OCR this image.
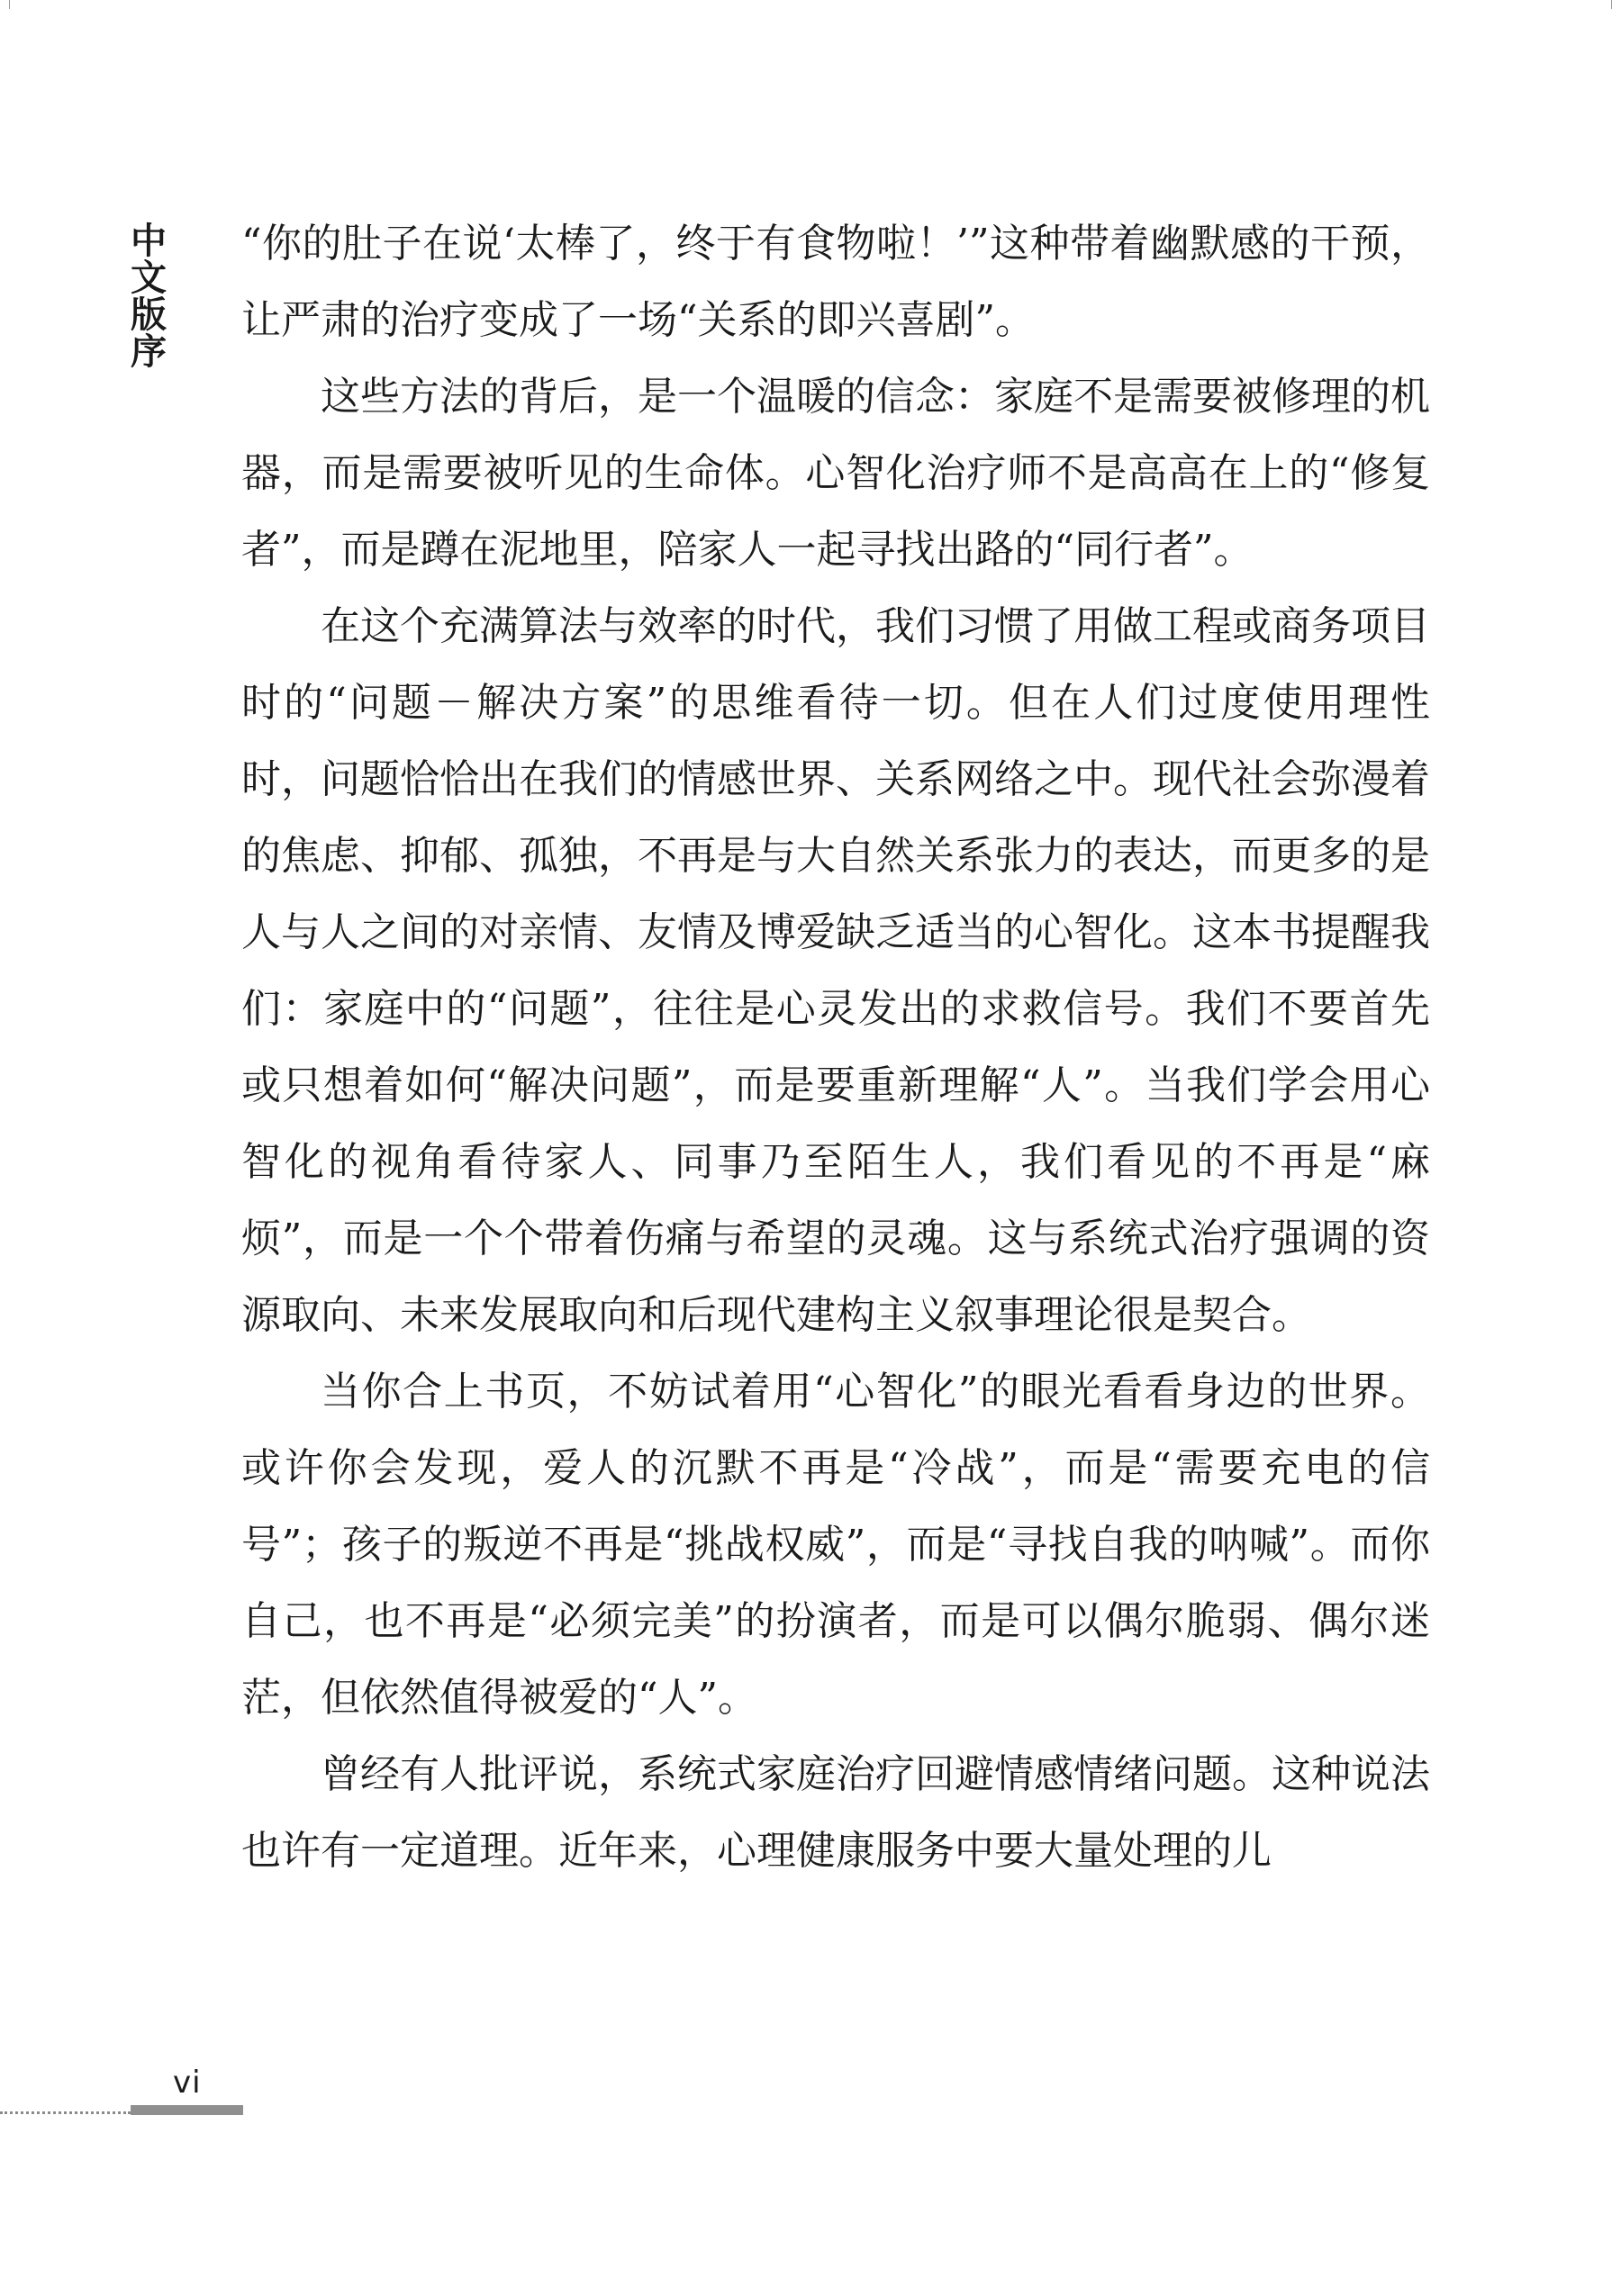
中文版序

“你的肚子在说‘太棒了，终于有食物啦！’”这种带着幽默感的干预，让严肃的治疗变成了一场“关系的即兴喜剧”。

这些方法的背后，是一个温暖的信念：家庭不是需要被修理的机器，而是需要被听见的生命体。心智化治疗师不是高高在上的“修复者”，而是蹲在泥地里，陪家人一起寻找出路的“同行者”。

在这个充满算法与效率的时代，我们习惯了用做工程或商务项目时的“问题－解决方案”的思维看待一切。但在人们过度使用理性时，问题恰恰出在我们的情感世界、关系网络之中。现代社会弥漫着的焦虑、抑郁、孤独，不再是与大自然关系张力的表达，而更多的是人与人之间的对亲情、友情及博爱缺乏适当的心智化。这本书提醒我们：家庭中的“问题”，往往是心灵发出的求救信号。我们不要首先或只想着如何“解决问题”，而是要重新理解“人”。当我们学会用心智化的视角看待家人、同事乃至陌生人，我们看见的不再是“麻烦”，而是一个个带着伤痛与希望的灵魂。这与系统式治疗强调的资源取向、未来发展取向和后现代建构主义叙事理论很是契合。

当你合上书页，不妨试着用“心智化”的眼光看看身边的世界。或许你会发现，爱人的沉默不再是“冷战”，而是“需要充电的信号”；孩子的叛逆不再是“挑战权威”，而是“寻找自我的呐喊”。而你自己，也不再是“必须完美”的扮演者，而是可以偶尔脆弱、偶尔迷茫，但依然值得被爱的“人”。

曾经有人批评说，系统式家庭治疗回避情感情绪问题。这种说法也许有一定道理。近年来，心理健康服务中要大量处理的儿

vi
